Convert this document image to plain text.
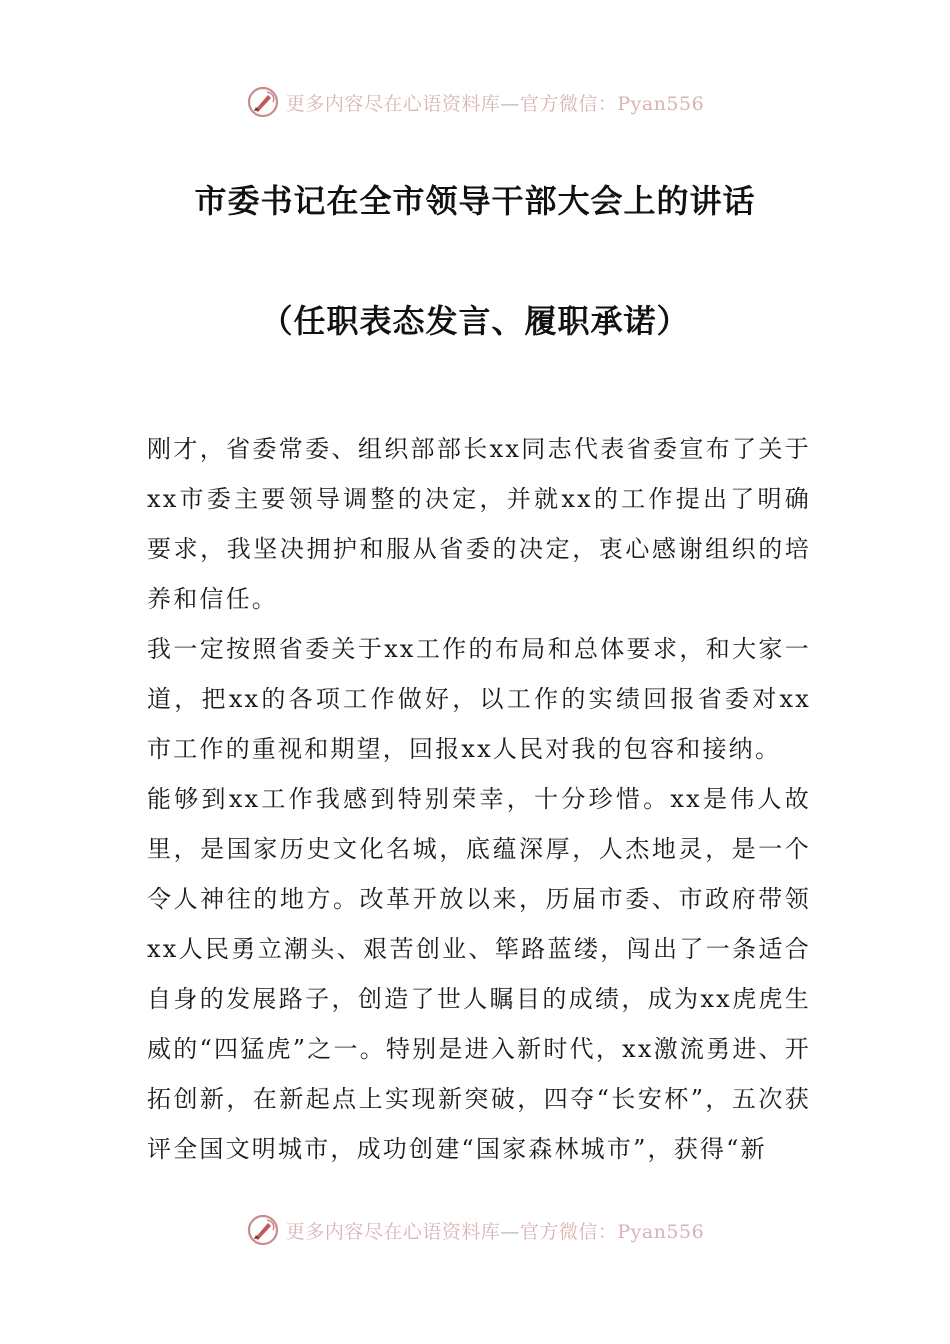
更多内容尽在心语资料库—官方微信：Pyan556
市委书记在全市领导干部大会上的讲话
（任职表态发言、履职承诺）

刚才，省委常委、组织部部长xx同志代表省委宣布了关于xx市委主要领导调整的决定，并就xx的工作提出了明确要求，我坚决拥护和服从省委的决定，衷心感谢组织的培养和信任。

我一定按照省委关于xx工作的布局和总体要求，和大家一道，把xx的各项工作做好，以工作的实绩回报省委对xx市工作的重视和期望，回报xx人民对我的包容和接纳。

能够到xx工作我感到特别荣幸，十分珍惜。xx是伟人故里，是国家历史文化名城，底蕴深厚，人杰地灵，是一个令人神往的地方。改革开放以来，历届市委、市政府带领xx人民勇立潮头、艰苦创业、筚路蓝缕，闯出了一条适合自身的发展路子，创造了世人瞩目的成绩，成为xx虎虎生威的“四猛虎”之一。特别是进入新时代，xx激流勇进、开拓创新，在新起点上实现新突破，四夺“长安杯”，五次获评全国文明城市，成功创建“国家森林城市”，获得“新

更多内容尽在心语资料库—官方微信：Pyan556
